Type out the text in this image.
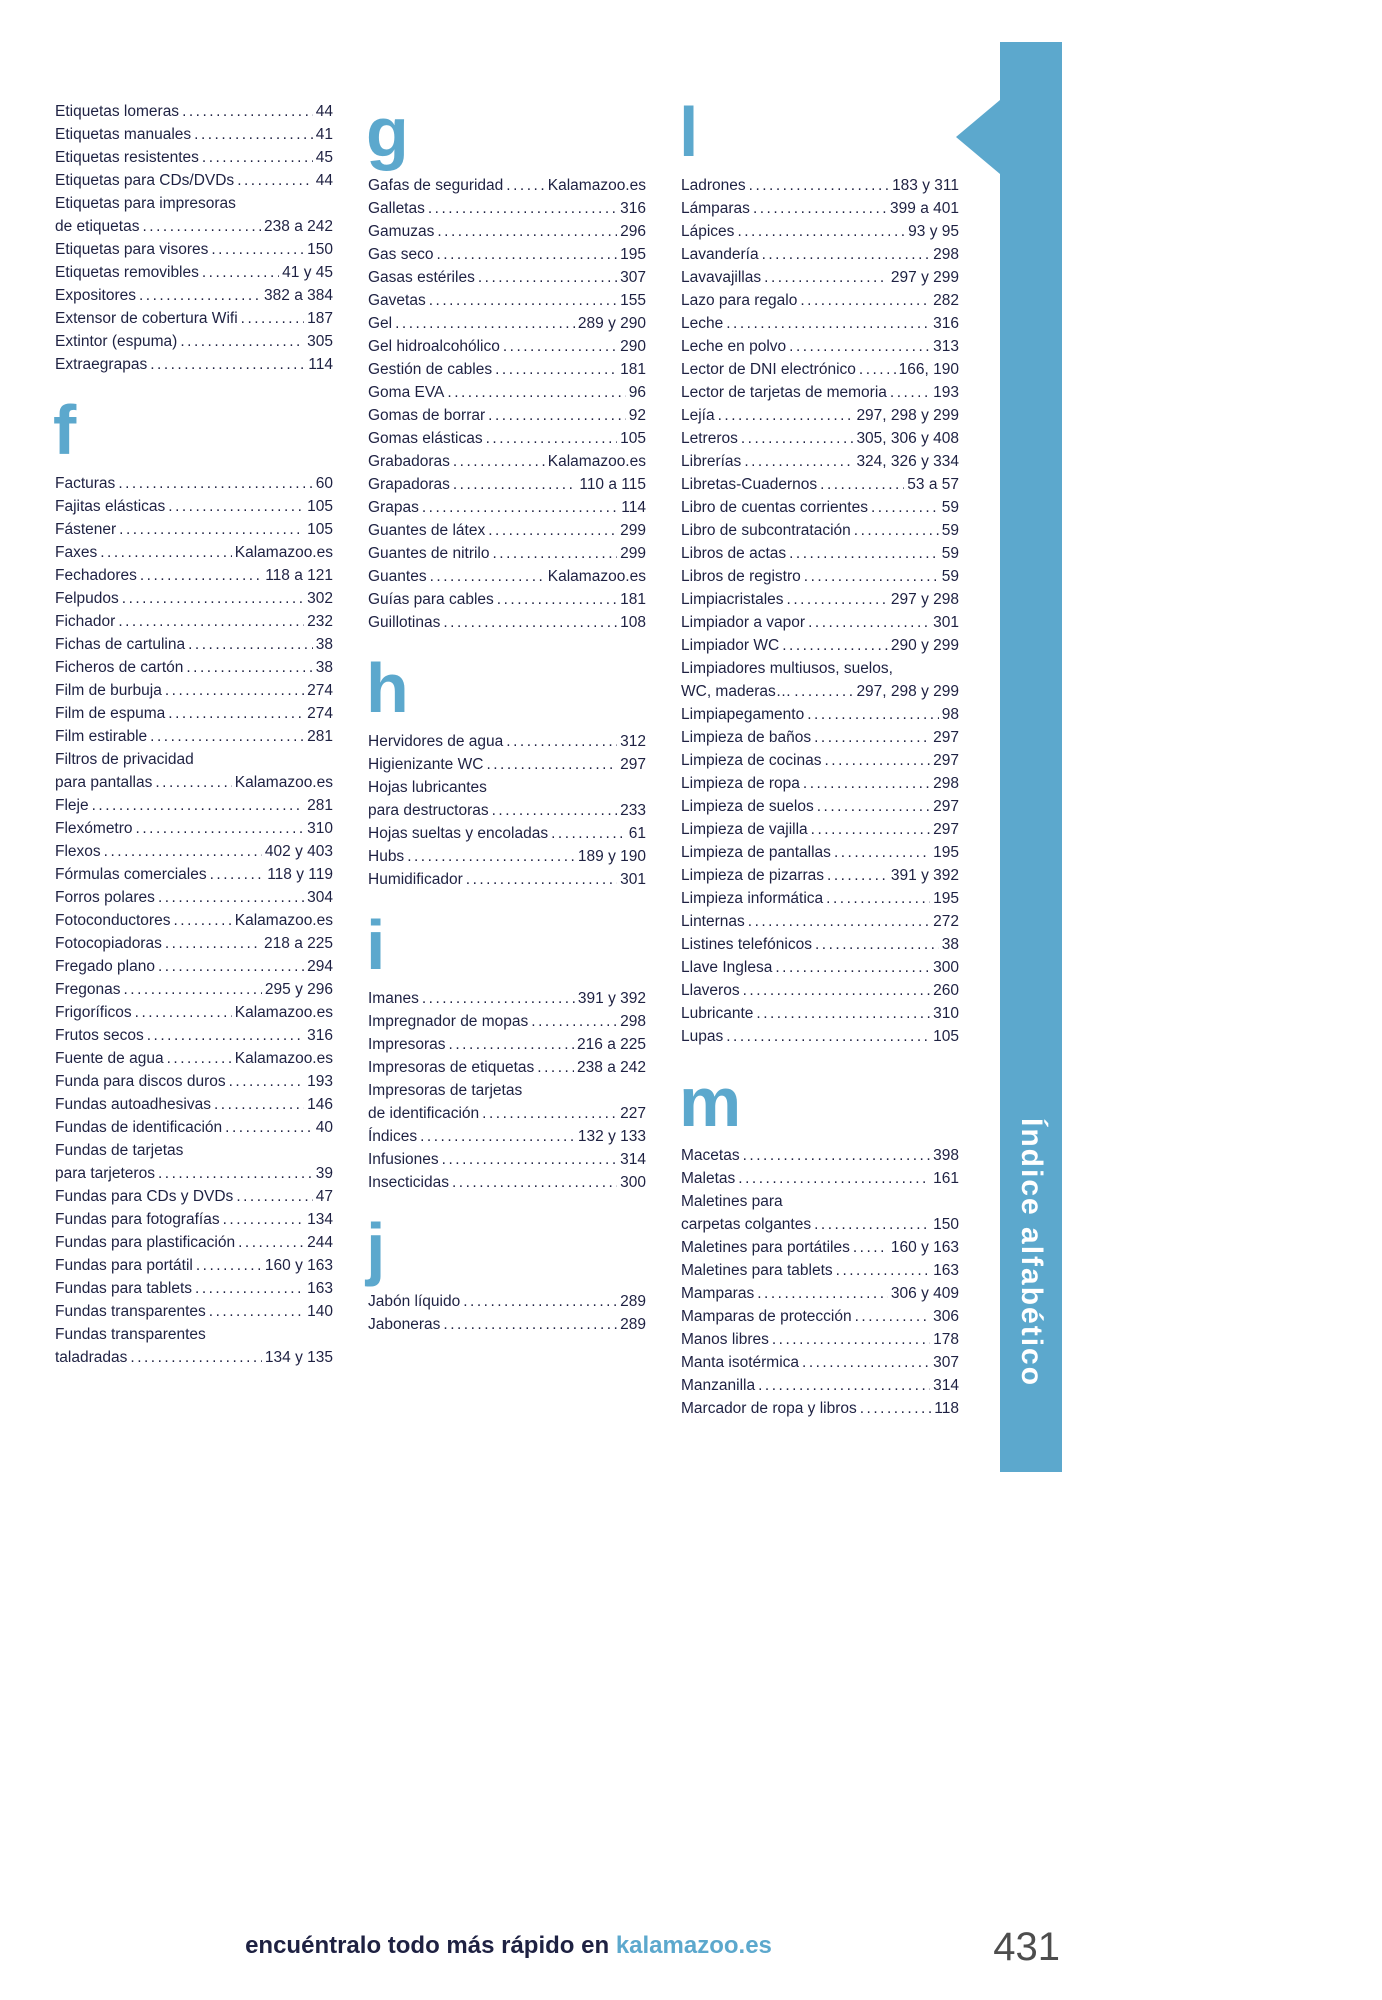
Etiquetas lomeras .....	44
Etiquetas manuales .....	41
Etiquetas resistentes .....	45
Etiquetas para CDs/DVDs .....	44
Etiquetas para impresoras
de etiquetas .....	238 a 242
Etiquetas para visores .....	150
Etiquetas removibles .....	41 y 45
Expositores .....	382 a 384
Extensor de cobertura Wifi .....	187
Extintor (espuma) .....	305
Extraegrapas .....	114
f
Facturas .....	60
Fajitas elásticas .....	105
Fástener .....	105
Faxes .....	Kalamazoo.es
Fechadores .....	118 a 121
Felpudos .....	302
Fichador .....	232
Fichas de cartulina .....	38
Ficheros de cartón .....	38
Film de burbuja .....	274
Film de espuma .....	274
Film estirable .....	281
Filtros de privacidad
para pantallas .....	Kalamazoo.es
Fleje .....	281
Flexómetro .....	310
Flexos .....	402 y 403
Fórmulas comerciales .....	118 y 119
Forros polares .....	304
Fotoconductores .....	Kalamazoo.es
Fotocopiadoras .....	218 a 225
Fregado plano .....	294
Fregonas .....	295 y 296
Frigoríficos .....	Kalamazoo.es
Frutos secos .....	316
Fuente de agua .....	Kalamazoo.es
Funda para discos duros .....	193
Fundas autoadhesivas .....	146
Fundas de identificación .....	40
Fundas de tarjetas
para tarjeteros .....	39
Fundas para CDs y DVDs .....	47
Fundas para fotografías .....	134
Fundas para plastificación .....	244
Fundas para portátil .....	160 y 163
Fundas para tablets .....	163
Fundas transparentes .....	140
Fundas transparentes
taladradas .....	134 y 135
g
Gafas de seguridad .....	Kalamazoo.es
Galletas .....	316
Gamuzas .....	296
Gas seco .....	195
Gasas estériles .....	307
Gavetas .....	155
Gel .....	289 y 290
Gel hidroalcohólico .....	290
Gestión de cables .....	181
Goma EVA .....	96
Gomas de borrar .....	92
Gomas elásticas .....	105
Grabadoras .....	Kalamazoo.es
Grapadoras .....	110 a 115
Grapas .....	114
Guantes de látex .....	299
Guantes de nitrilo .....	299
Guantes .....	Kalamazoo.es
Guías para cables .....	181
Guillotinas .....	108
h
Hervidores de agua .....	312
Higienizante WC .....	297
Hojas lubricantes
para destructoras .....	233
Hojas sueltas y encoladas .....	61
Hubs .....	189 y 190
Humidificador .....	301
i
Imanes .....	391 y 392
Impregnador de mopas .....	298
Impresoras .....	216 a 225
Impresoras de etiquetas .....	238 a 242
Impresoras de tarjetas
de identificación .....	227
Índices .....	132 y 133
Infusiones .....	314
Insecticidas .....	300
j
Jabón líquido .....	289
Jaboneras .....	289
l
Ladrones .....	183 y 311
Lámparas .....	399 a 401
Lápices .....	93 y 95
Lavandería .....	298
Lavavajillas .....	297 y 299
Lazo para regalo .....	282
Leche .....	316
Leche en polvo .....	313
Lector de DNI electrónico .....	166, 190
Lector de tarjetas de memoria .....	193
Lejía .....	297, 298 y 299
Letreros .....	305, 306 y 408
Librerías .....	324, 326 y 334
Libretas-Cuadernos .....	53 a 57
Libro de cuentas corrientes .....	59
Libro de subcontratación .....	59
Libros de actas .....	59
Libros de registro .....	59
Limpiacristales .....	297 y 298
Limpiador a vapor .....	301
Limpiador WC .....	290 y 299
Limpiadores multiusos, suelos,
WC, maderas… .....	297, 298 y 299
Limpiapegamento .....	98
Limpieza de baños .....	297
Limpieza de cocinas .....	297
Limpieza de ropa .....	298
Limpieza de suelos .....	297
Limpieza de vajilla .....	297
Limpieza de pantallas .....	195
Limpieza de pizarras .....	391 y 392
Limpieza informática .....	195
Linternas .....	272
Listines telefónicos .....	38
Llave Inglesa .....	300
Llaveros .....	260
Lubricante .....	310
Lupas .....	105
m
Macetas .....	398
Maletas .....	161
Maletines para
carpetas colgantes .....	150
Maletines para portátiles .....	160 y 163
Maletines para tablets .....	163
Mamparas .....	306 y 409
Mamparas de protección .....	306
Manos libres .....	178
Manta isotérmica .....	307
Manzanilla .....	314
Marcador de ropa y libros .....	118
Índice alfabético
encuéntralo todo más rápido en kalamazoo.es	431
